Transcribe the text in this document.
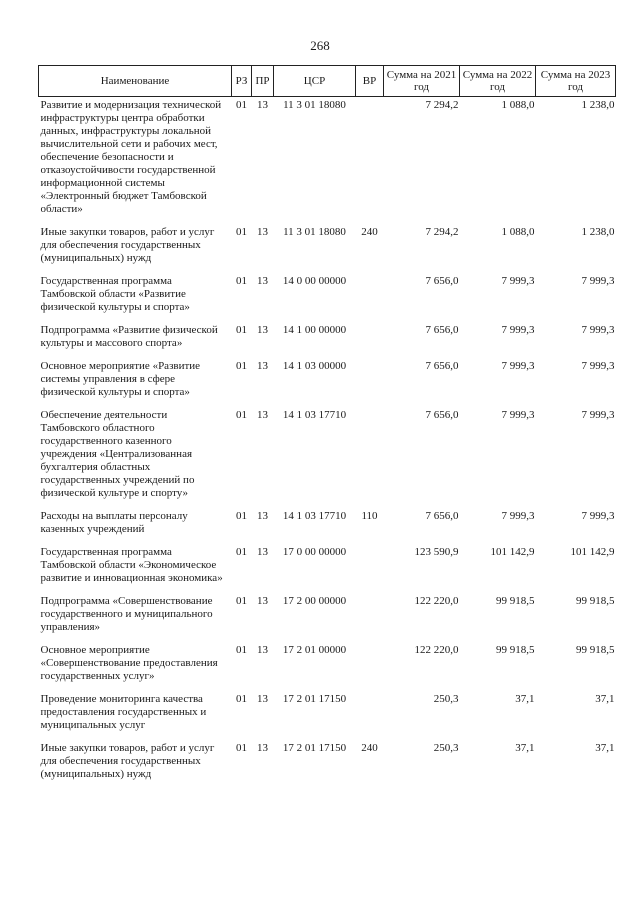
268
Наименование	РЗ	ПР	ЦСР	ВР	Сумма на 2021 год	Сумма на 2022 год	Сумма на 2023 год
Развитие и модернизация технической инфраструктуры центра обработки данных, инфраструктуры локальной вычислительной сети и рабочих мест, обеспечение безопасности и отказоустойчивости государственной информационной системы «Электронный бюджет Тамбовской области»	01	13	11 3 01 18080		7 294,2	1 088,0	1 238,0
Иные закупки товаров, работ и услуг для обеспечения государственных (муниципальных) нужд	01	13	11 3 01 18080	240	7 294,2	1 088,0	1 238,0
Государственная программа Тамбовской области «Развитие физической культуры и спорта»	01	13	14 0 00 00000		7 656,0	7 999,3	7 999,3
Подпрограмма «Развитие физической культуры и массового спорта»	01	13	14 1 00 00000		7 656,0	7 999,3	7 999,3
Основное мероприятие «Развитие системы управления в сфере физической культуры и спорта»	01	13	14 1 03 00000		7 656,0	7 999,3	7 999,3
Обеспечение деятельности Тамбовского областного государственного казенного учреждения «Централизованная бухгалтерия областных государственных учреждений по физической культуре и спорту»	01	13	14 1 03 17710		7 656,0	7 999,3	7 999,3
Расходы на выплаты персоналу казенных учреждений	01	13	14 1 03 17710	110	7 656,0	7 999,3	7 999,3
Государственная программа Тамбовской области «Экономическое развитие и инновационная экономика»	01	13	17 0 00 00000		123 590,9	101 142,9	101 142,9
Подпрограмма «Совершенствование государственного и муниципального управления»	01	13	17 2 00 00000		122 220,0	99 918,5	99 918,5
Основное мероприятие «Совершенствование предоставления государственных услуг»	01	13	17 2 01 00000		122 220,0	99 918,5	99 918,5
Проведение мониторинга качества предоставления государственных и муниципальных услуг	01	13	17 2 01 17150		250,3	37,1	37,1
Иные закупки товаров, работ и услуг для обеспечения государственных (муниципальных) нужд	01	13	17 2 01 17150	240	250,3	37,1	37,1
